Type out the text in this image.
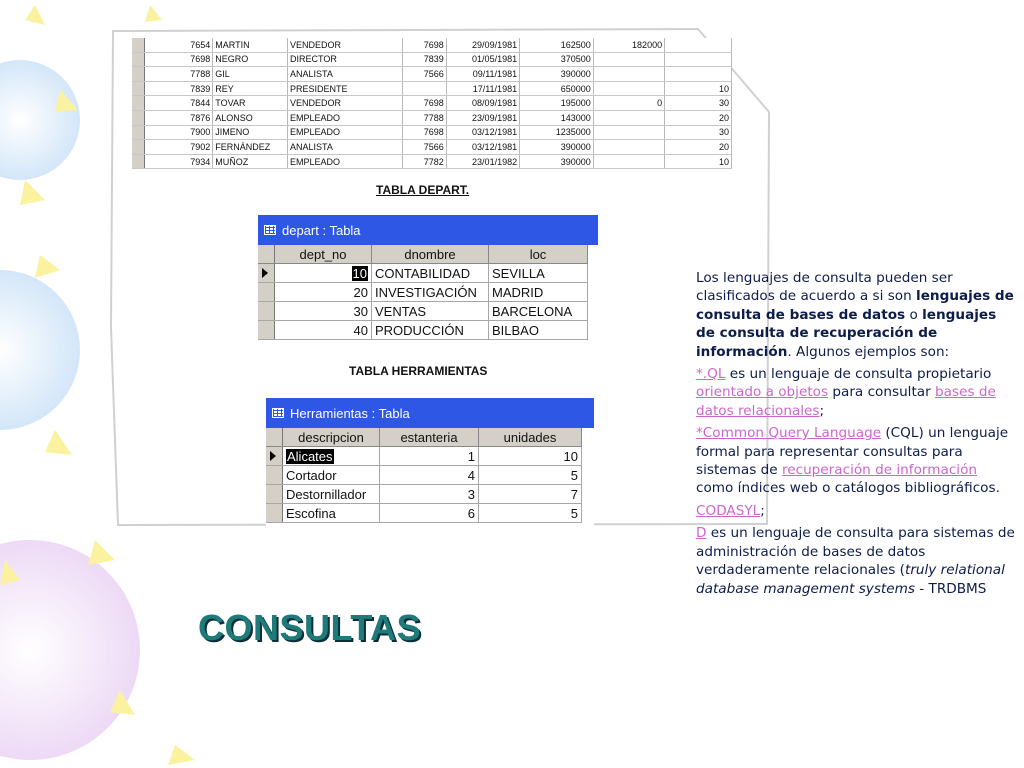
	7654	MARTIN	VENDEDOR	7698	29/09/1981	162500	182000	
	7698	NEGRO	DIRECTOR	7839	01/05/1981	370500		
	7788	GIL	ANALISTA	7566	09/11/1981	390000		
	7839	REY	PRESIDENTE		17/11/1981	650000		10
	7844	TOVAR	VENDEDOR	7698	08/09/1981	195000	0	30
	7876	ALONSO	EMPLEADO	7788	23/09/1981	143000		20
	7900	JIMENO	EMPLEADO	7698	03/12/1981	1235000		30
	7902	FERNÁNDEZ	ANALISTA	7566	03/12/1981	390000		20
	7934	MUÑOZ	EMPLEADO	7782	23/01/1982	390000		10
TABLA DEPART.
depart : Tabla
	dept_no	dnombre	loc
	10	CONTABILIDAD	SEVILLA
	20	INVESTIGACIÓN	MADRID
	30	VENTAS	BARCELONA
	40	PRODUCCIÓN	BILBAO
TABLA HERRAMIENTAS
Herramientas : Tabla
	descripcion	estanteria	unidades
	Alicates	1	10
	Cortador	4	5
	Destornillador	3	7
	Escofina	6	5
CONSULTAS

Los lenguajes de consulta pueden ser clasificados de acuerdo a si son lenguajes de consulta de bases de datos o lenguajes de consulta de recuperación de información. Algunos ejemplos son:

*.QL es un lenguaje de consulta propietario orientado a objetos para consultar bases de datos relacionales;

*Common Query Language (CQL) un lenguaje formal para representar consultas para sistemas de recuperación de información como índices web o catálogos bibliográficos.

CODASYL;

D es un lenguaje de consulta para sistemas de administración de bases de datos verdaderamente relacionales (truly relational database management systems - TRDBMS
